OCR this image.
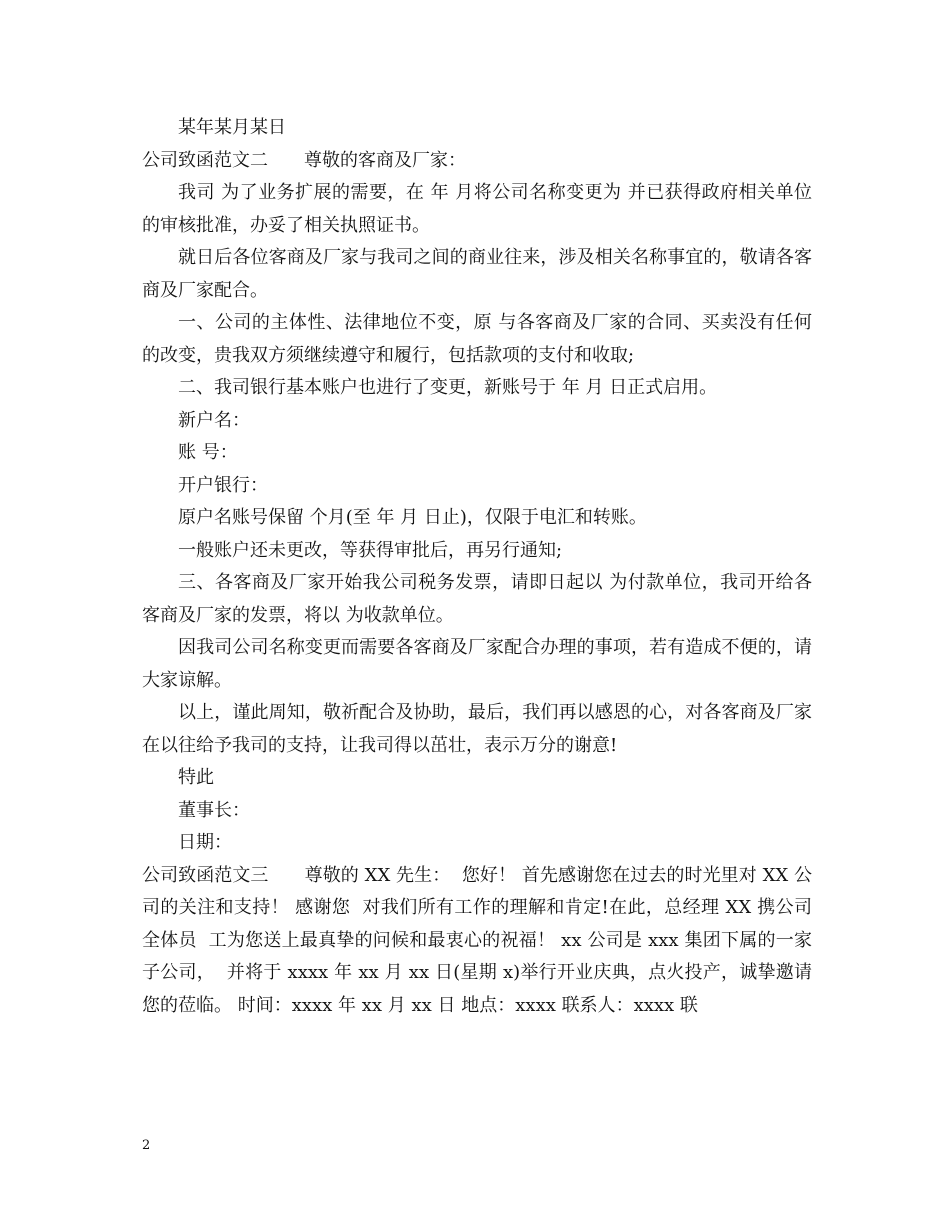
某年某月某日

公司致函范文二　　尊敬的客商及厂家：

我司 为了业务扩展的需要，在 年 月将公司名称变更为 并已获得政府相关单位的审核批准，办妥了相关执照证书。

就日后各位客商及厂家与我司之间的商业往来，涉及相关名称事宜的，敬请各客商及厂家配合。

一、公司的主体性、法律地位不变，原 与各客商及厂家的合同、买卖没有任何的改变，贵我双方须继续遵守和履行，包括款项的支付和收取;

二、我司银行基本账户也进行了变更，新账号于 年 月 日正式启用。

新户名：

账 号：

开户银行：

原户名账号保留 个月(至 年 月 日止)，仅限于电汇和转账。

一般账户还未更改，等获得审批后，再另行通知;

三、各客商及厂家开始我公司税务发票，请即日起以 为付款单位，我司开给各客商及厂家的发票，将以 为收款单位。

因我司公司名称变更而需要各客商及厂家配合办理的事项，若有造成不便的，请大家谅解。

以上，谨此周知，敬祈配合及协助，最后，我们再以感恩的心，对各客商及厂家在以往给予我司的支持，让我司得以茁壮，表示万分的谢意!

特此

董事长：

日期：

公司致函范文三　　尊敬的 XX 先生：  您好！ 首先感谢您在过去的时光里对 XX 公司的关注和支持！ 感谢您  对我们所有工作的理解和肯定!在此，总经理 XX 携公司全体员  工为您送上最真挚的问候和最衷心的祝福！ xx 公司是 xxx 集团下属的一家子公司，  并将于 xxxx 年 xx 月 xx 日(星期 x)举行开业庆典，点火投产，诚挚邀请您的莅临。 时间：xxxx 年 xx 月 xx 日 地点：xxxx 联系人：xxxx 联

2
